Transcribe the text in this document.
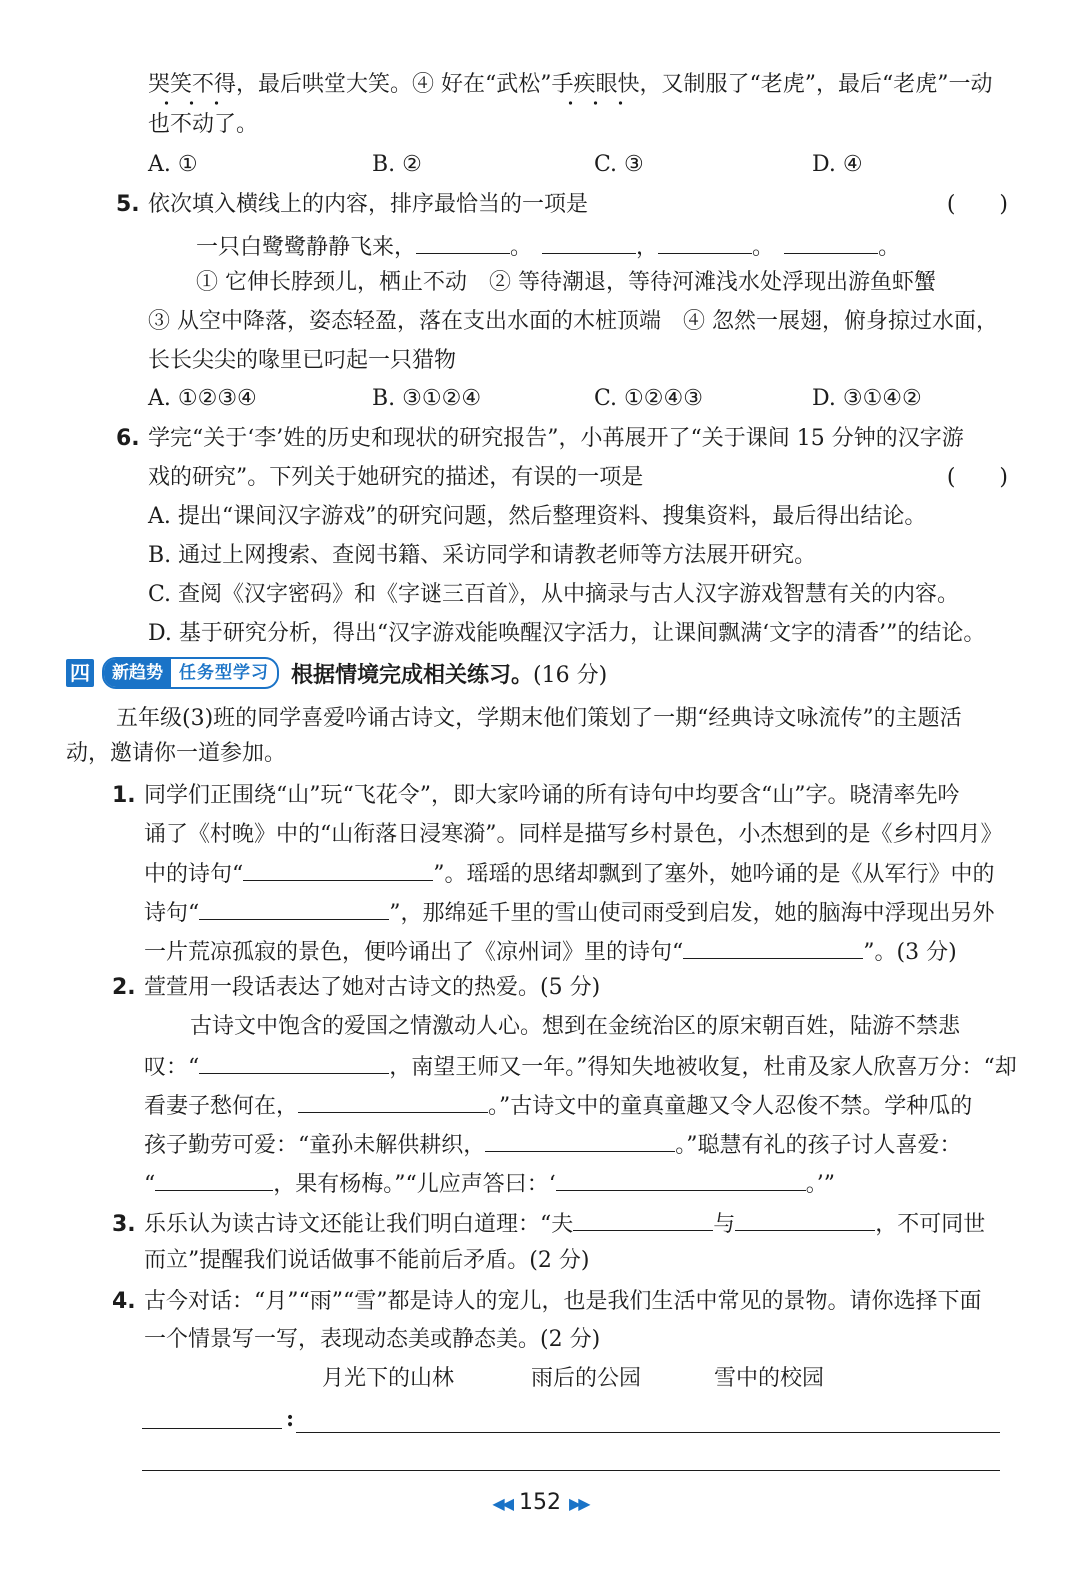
哭笑不得，最后哄堂大笑。④ 好在“武松”手疾眼快，又制服了“老虎”，最后“老虎”一动
也不动了。
A. ①	B. ②	C. ③	D. ④
5. 依次填入横线上的内容，排序最恰当的一项是	(　　)
一只白鹭鹭静静飞来，	。	，	。	。
① 它伸长脖颈儿，栖止不动　② 等待潮退，等待河滩浅水处浮现出游鱼虾蟹
③ 从空中降落，姿态轻盈，落在支出水面的木桩顶端　④ 忽然一展翅，俯身掠过水面，
长长尖尖的喙里已叼起一只猎物
A. ①②③④	B. ③①②④	C. ①②④③	D. ③①④②
6. 学完“关于‘李’姓的历史和现状的研究报告”，小苒展开了“关于课间 15 分钟的汉字游
戏的研究”。下列关于她研究的描述，有误的一项是	(　　)
A. 提出“课间汉字游戏”的研究问题，然后整理资料、搜集资料，最后得出结论。
B. 通过上网搜索、查阅书籍、采访同学和请教老师等方法展开研究。
C. 查阅《汉字密码》和《字谜三百首》，从中摘录与古人汉字游戏智慧有关的内容。
D. 基于研究分析，得出“汉字游戏能唤醒汉字活力，让课间飘满‘文字的清香’”的结论。
四	新趋势 任务型学习	根据情境完成相关练习。 (16 分)
五年级(3)班的同学喜爱吟诵古诗文，学期末他们策划了一期“经典诗文咏流传”的主题活
动，邀请你一道参加。
1. 同学们正围绕“山”玩“飞花令”，即大家吟诵的所有诗句中均要含“山”字。晓清率先吟
诵了《村晚》中的“山衔落日浸寒漪”。同样是描写乡村景色，小杰想到的是《乡村四月》
中的诗句“	”。瑶瑶的思绪却飘到了塞外，她吟诵的是《从军行》中的
诗句“	”，那绵延千里的雪山使司雨受到启发，她的脑海中浮现出另外
一片荒凉孤寂的景色，便吟诵出了《凉州词》里的诗句“	”。(3 分)
2. 萱萱用一段话表达了她对古诗文的热爱。(5 分)
古诗文中饱含的爱国之情激动人心。想到在金统治区的原宋朝百姓，陆游不禁悲
叹：“	，南望王师又一年。”得知失地被收复，杜甫及家人欣喜万分：“却
看妻子愁何在，	。”古诗文中的童真童趣又令人忍俊不禁。学种瓜的
孩子勤劳可爱：“童孙未解供耕织，	。”聪慧有礼的孩子讨人喜爱：
“	，果有杨梅。”“儿应声答曰：‘	。’”
3. 乐乐认为读古诗文还能让我们明白道理：“夫	与	，不可同世
而立”提醒我们说话做事不能前后矛盾。(2 分)
4. 古今对话：“月”“雨”“雪”都是诗人的宠儿，也是我们生活中常见的景物。请你选择下面
一个情景写一写，表现动态美或静态美。(2 分)
月光下的山林	雨后的公园	雪中的校园
:
◀◀ 152 ▶▶
